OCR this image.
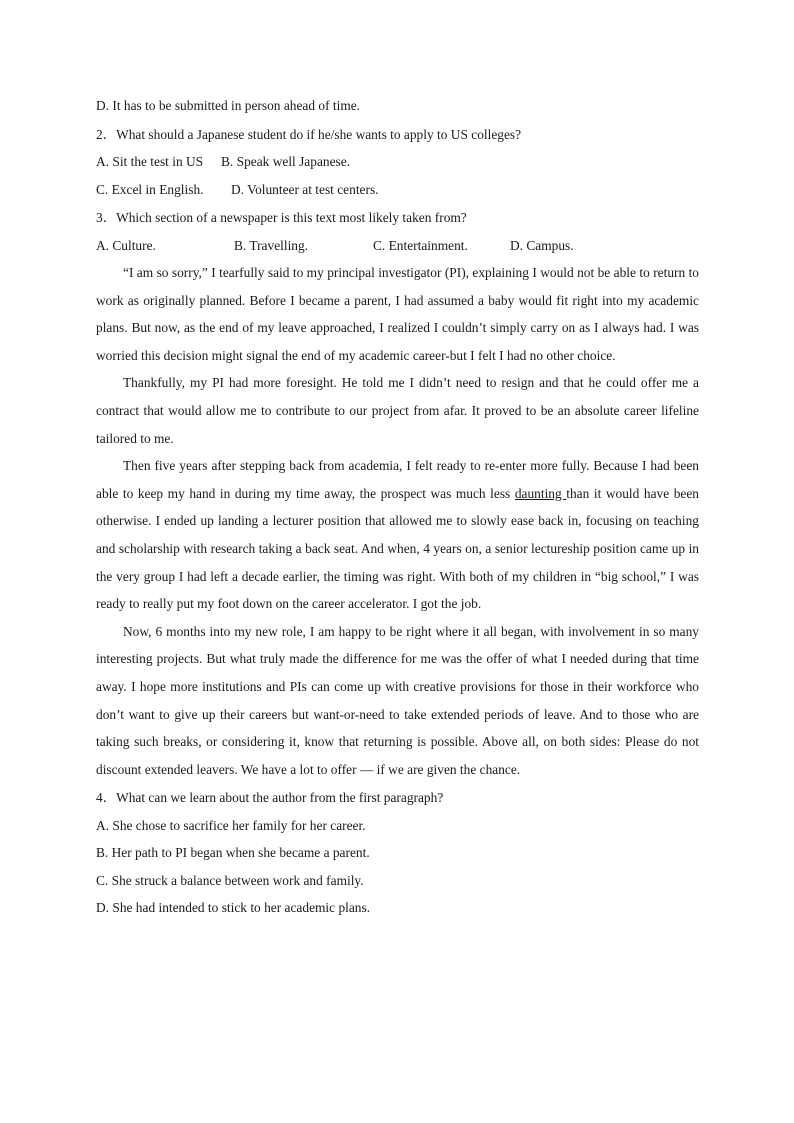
D. It has to be submitted in person ahead of time.
2．What should a Japanese student do if he/she wants to apply to US colleges?
A. Sit the test in US B. Speak well Japanese.
C. Excel in English. D. Volunteer at test centers.
3．Which section of a newspaper is this text most likely taken from?
A. Culture.	B. Travelling.	C. Entertainment.	D. Campus.

“I am so sorry,” I tearfully said to my principal investigator (PI), explaining I would not be able to return to work as originally planned. Before I became a parent, I had assumed a baby would fit right into my academic plans. But now, as the end of my leave approached, I realized I couldn’t simply carry on as I always had. I was worried this decision might signal the end of my academic career-but I felt I had no other choice.

Thankfully, my PI had more foresight. He told me I didn’t need to resign and that he could offer me a contract that would allow me to contribute to our project from afar. It proved to be an absolute career lifeline tailored to me.

Then five years after stepping back from academia, I felt ready to re-enter more fully. Because I had been able to keep my hand in during my time away, the prospect was much less daunting than it would have been otherwise. I ended up landing a lecturer position that allowed me to slowly ease back in, focusing on teaching and scholarship with research taking a back seat. And when, 4 years on, a senior lectureship position came up in the very group I had left a decade earlier, the timing was right. With both of my children in “big school,” I was ready to really put my foot down on the career accelerator. I got the job.

Now, 6 months into my new role, I am happy to be right where it all began, with involvement in so many interesting projects. But what truly made the difference for me was the offer of what I needed during that time away. I hope more institutions and PIs can come up with creative provisions for those in their workforce who don’t want to give up their careers but want-or-need to take extended periods of leave. And to those who are taking such breaks, or considering it, know that returning is possible. Above all, on both sides: Please do not discount extended leavers. We have a lot to offer — if we are given the chance.

4．What can we learn about the author from the first paragraph?
A. She chose to sacrifice her family for her career.
B. Her path to PI began when she became a parent.
C. She struck a balance between work and family.
D. She had intended to stick to her academic plans.
